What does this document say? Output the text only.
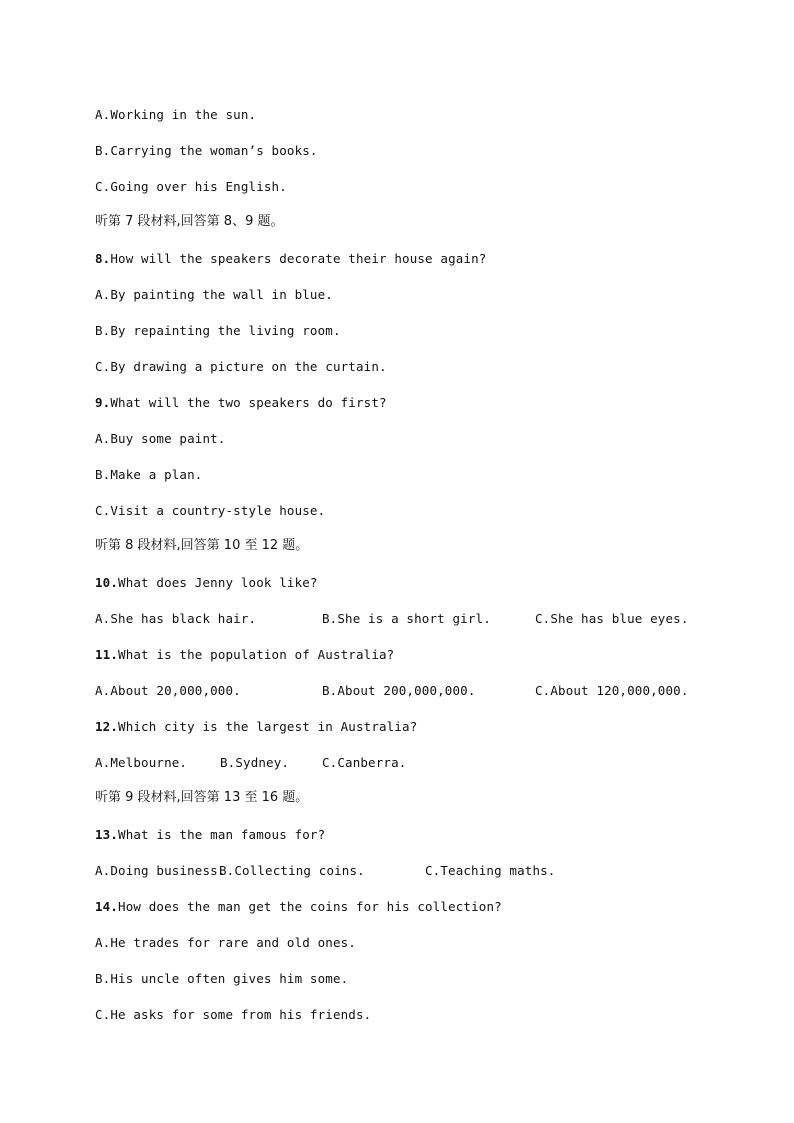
A.Working in the sun.
B.Carrying the woman’s books.
C.Going over his English.
听第 7 段材料,回答第 8、9 题。
8.How will the speakers decorate their house again?
A.By painting the wall in blue.
B.By repainting the living room.
C.By drawing a picture on the curtain.
9.What will the two speakers do first?
A.Buy some paint.
B.Make a plan.
C.Visit a country-style house.
听第 8 段材料,回答第 10 至 12 题。
10.What does Jenny look like?
A.She has black hair.	B.She is a short girl.	C.She has blue eyes.
11.What is the population of Australia?
A.About 20,000,000.	B.About 200,000,000.	C.About 120,000,000.
12.Which city is the largest in Australia?
A.Melbourne.	B.Sydney.	C.Canberra.
听第 9 段材料,回答第 13 至 16 题。
13.What is the man famous for?
A.Doing business.
B.Collecting coins.	C.Teaching maths.
14.How does the man get the coins for his collection?
A.He trades for rare and old ones.
B.His uncle often gives him some.
C.He asks for some from his friends.
